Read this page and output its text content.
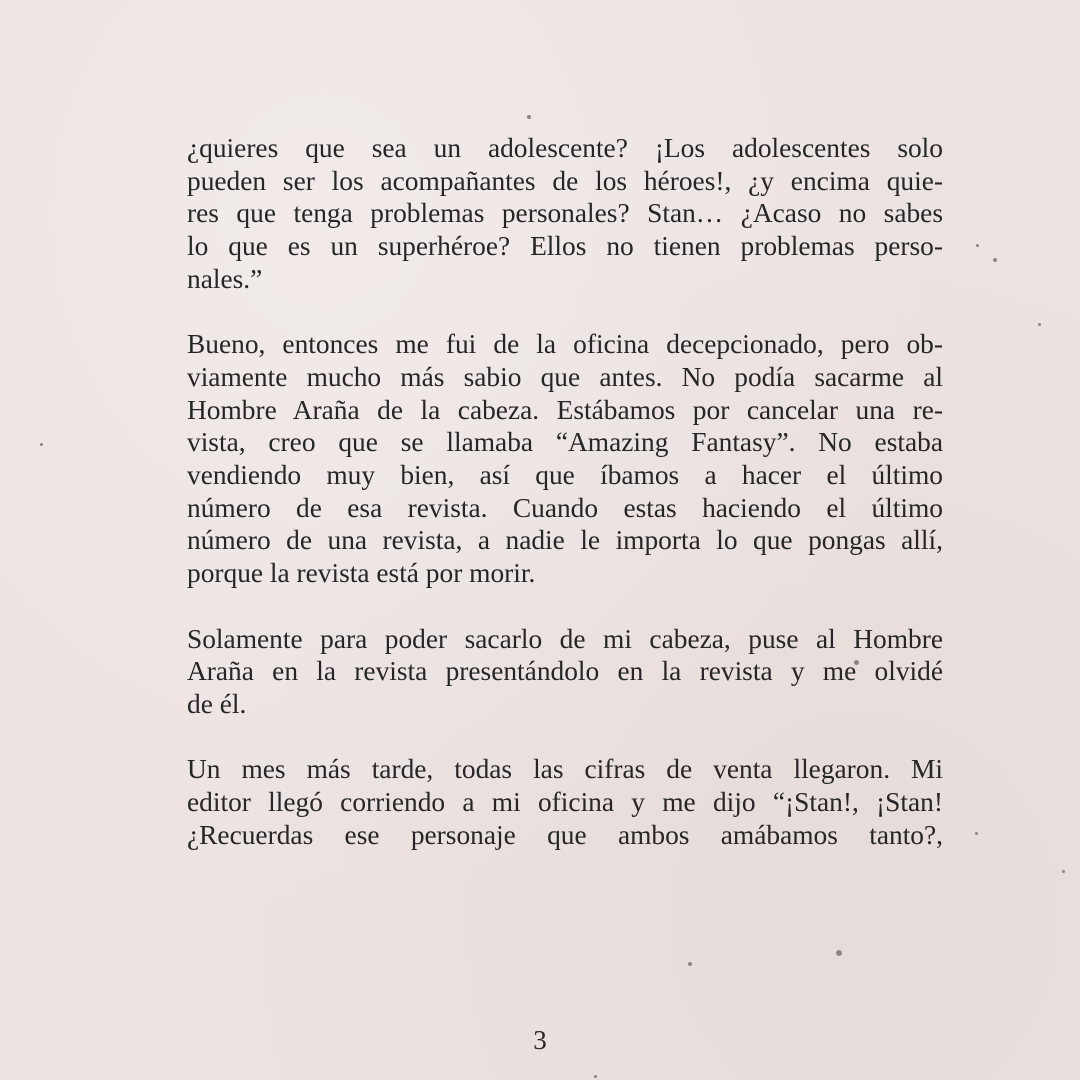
¿quieres que sea un adolescente? ¡Los adolescentes solo
pueden ser los acompañantes de los héroes!, ¿y encima quie-
res que tenga problemas personales? Stan… ¿Acaso no sabes
lo que es un superhéroe? Ellos no tienen problemas perso-
nales.”

Bueno, entonces me fui de la oficina decepcionado, pero ob-
viamente mucho más sabio que antes. No podía sacarme al
Hombre Araña de la cabeza. Estábamos por cancelar una re-
vista, creo que se llamaba “Amazing Fantasy”. No estaba
vendiendo muy bien, así que íbamos a hacer el último
número de esa revista. Cuando estas haciendo el último
número de una revista, a nadie le importa lo que pongas allí,
porque la revista está por morir.

Solamente para poder sacarlo de mi cabeza, puse al Hombre
Araña en la revista presentándolo en la revista y me olvidé
de él.

Un mes más tarde, todas las cifras de venta llegaron. Mi
editor llegó corriendo a mi oficina y me dijo “¡Stan!, ¡Stan!
¿Recuerdas ese personaje que ambos amábamos tanto?,

3
